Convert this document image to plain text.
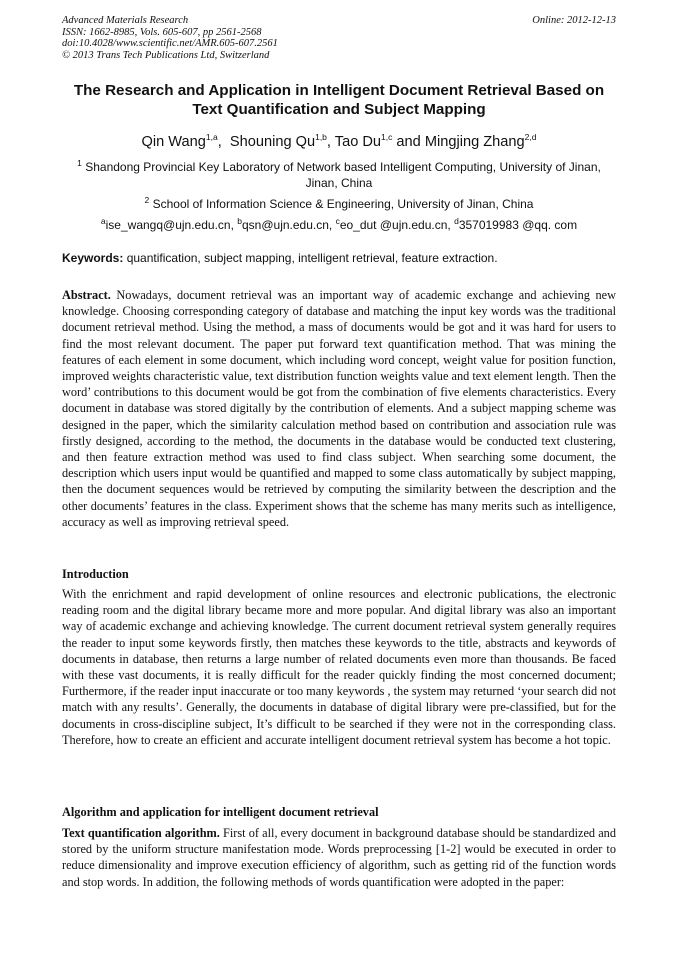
Advanced Materials Research
ISSN: 1662-8985, Vols. 605-607, pp 2561-2568
doi:10.4028/www.scientific.net/AMR.605-607.2561
© 2013 Trans Tech Publications Ltd, Switzerland
Online: 2012-12-13
The Research and Application in Intelligent Document Retrieval Based on Text Quantification and Subject Mapping
Qin Wang$^{1,a}$,  Shouning Qu$^{1,b}$, Tao Du$^{1,c}$ and Mingjing Zhang$^{2,d}$
$^1$ Shandong Provincial Key Laboratory of Network based Intelligent Computing, University of Jinan, Jinan, China
$^2$ School of Information Science & Engineering, University of Jinan, China
$^a$ise_wangq@ujn.edu.cn, $^b$qsn@ujn.edu.cn, $^c$eo_dut @ujn.edu.cn, $^d$357019983 @qq. com
Keywords: quantification, subject mapping, intelligent retrieval, feature extraction.
Abstract. Nowadays, document retrieval was an important way of academic exchange and achieving new knowledge. Choosing corresponding category of database and matching the input key words was the traditional document retrieval method. Using the method, a mass of documents would be got and it was hard for users to find the most relevant document. The paper put forward text quantification method. That was mining the features of each element in some document, which including word concept, weight value for position function, improved weights characteristic value, text distribution function weights value and text element length. Then the word’ contributions to this document would be got from the combination of five elements characteristics. Every document in database was stored digitally by the contribution of elements. And a subject mapping scheme was designed in the paper, which the similarity calculation method based on contribution and association rule was firstly designed, according to the method, the documents in the database would be conducted text clustering, and then feature extraction method was used to find class subject. When searching some document, the description which users input would be quantified and mapped to some class automatically by subject mapping, then the document sequences would be retrieved by computing the similarity between the description and the other documents’ features in the class. Experiment shows that the scheme has many merits such as intelligence, accuracy as well as improving retrieval speed.
Introduction
With the enrichment and rapid development of online resources and electronic publications, the electronic reading room and the digital library became more and more popular. And digital library was also an important way of academic exchange and achieving knowledge. The current document retrieval system generally requires the reader to input some keywords firstly, then matches these keywords to the title, abstracts and keywords of documents in database, then returns a large number of related documents even more than thousands. Be faced with these vast documents, it is really difficult for the reader quickly finding the most concerned document; Furthermore, if the reader input inaccurate or too many keywords , the system may returned ‘your search did not match with any results’. Generally, the documents in database of digital library were pre-classified, but for the documents in cross-discipline subject, It’s difficult to be searched if they were not in the corresponding class. Therefore, how to create an efficient and accurate intelligent document retrieval system has become a hot topic.
Algorithm and application for intelligent document retrieval
Text quantification algorithm. First of all, every document in background database should be standardized and stored by the uniform structure manifestation mode. Words preprocessing [1-2] would be executed in order to reduce dimensionality and improve execution efficiency of algorithm, such as getting rid of the function words and stop words. In addition, the following methods of words quantification were adopted in the paper:
